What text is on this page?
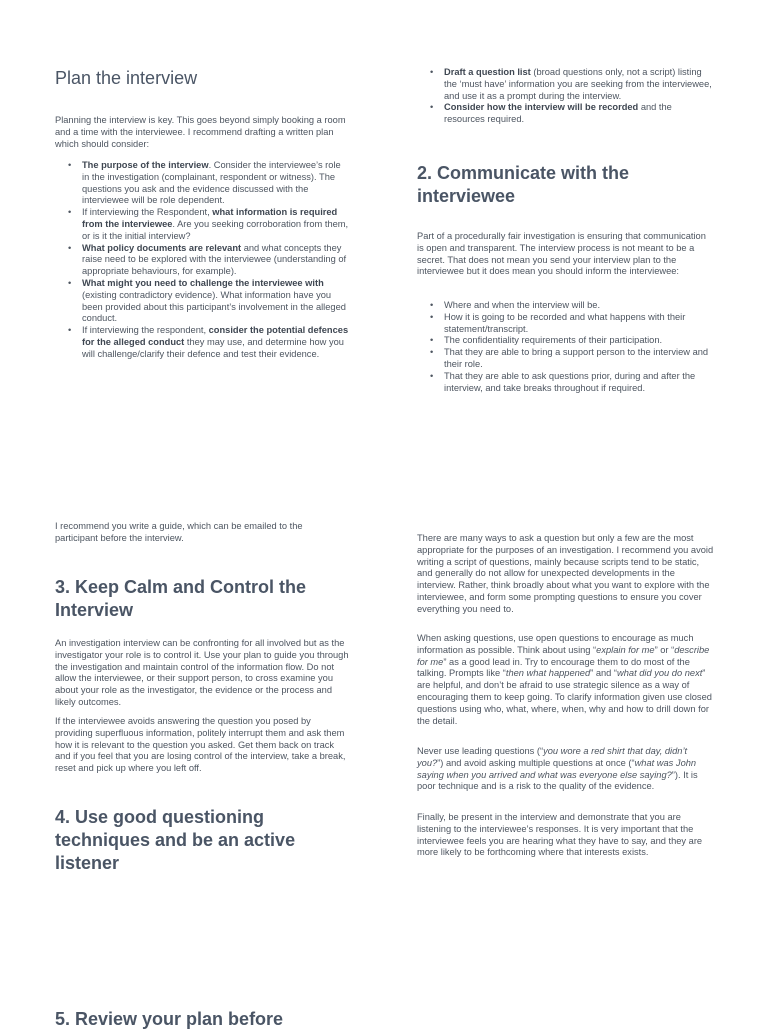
Plan the interview

Planning the interview is key. This goes beyond simply booking a room and a time with the interviewee. I recommend drafting a written plan which should consider:

• The purpose of the interview. Consider the interviewee’s role in the investigation (complainant, respondent or witness). The questions you ask and the evidence discussed with the interviewee will be role dependent.
• If interviewing the Respondent, what information is required from the interviewee. Are you seeking corroboration from them, or is it the initial interview?
• What policy documents are relevant and what concepts they raise need to be explored with the interviewee (understanding of appropriate behaviours, for example).
• What might you need to challenge the interviewee with (existing contradictory evidence). What information have you been provided about this participant’s involvement in the alleged conduct.
• If interviewing the respondent, consider the potential defences for the alleged conduct they may use, and determine how you will challenge/clarify their defence and test their evidence.

I recommend you write a guide, which can be emailed to the participant before the interview.

3. Keep Calm and Control the Interview

An investigation interview can be confronting for all involved but as the investigator your role is to control it. Use your plan to guide you through the investigation and maintain control of the information flow. Do not allow the interviewee, or their support person, to cross examine you about your role as the investigator, the evidence or the process and likely outcomes.

If the interviewee avoids answering the question you posed by providing superfluous information, politely interrupt them and ask them how it is relevant to the question you asked. Get them back on track and if you feel that you are losing control of the interview, take a break, reset and pick up where you left off.

4. Use good questioning techniques and be an active listener
5. Review your plan before
• Draft a question list (broad questions only, not a script) listing the ‘must have’ information you are seeking from the interviewee, and use it as a prompt during the interview.
• Consider how the interview will be recorded and the resources required.
2. Communicate with the interviewee

Part of a procedurally fair investigation is ensuring that communication is open and transparent. The interview process is not meant to be a secret. That does not mean you send your interview plan to the interviewee but it does mean you should inform the interviewee:

• Where and when the interview will be.
• How it is going to be recorded and what happens with their statement/transcript.
• The confidentiality requirements of their participation.
• That they are able to bring a support person to the interview and their role.
• That they are able to ask questions prior, during and after the interview, and take breaks throughout if required.

There are many ways to ask a question but only a few are the most appropriate for the purposes of an investigation. I recommend you avoid writing a script of questions, mainly because scripts tend to be static, and generally do not allow for unexpected developments in the interview. Rather, think broadly about what you want to explore with the interviewee, and form some prompting questions to ensure you cover everything you need to.

When asking questions, use open questions to encourage as much information as possible. Think about using “explain for me” or “describe for me” as a good lead in. Try to encourage them to do most of the talking. Prompts like “then what happened” and “what did you do next” are helpful, and don’t be afraid to use strategic silence as a way of encouraging them to keep going. To clarify information given use closed questions using who, what, where, when, why and how to drill down for the detail.

Never use leading questions (“you wore a red shirt that day, didn’t you?”) and avoid asking multiple questions at once (“what was John saying when you arrived and what was everyone else saying?”). It is poor technique and is a risk to the quality of the evidence.

Finally, be present in the interview and demonstrate that you are listening to the interviewee’s responses. It is very important that the interviewee feels you are hearing what they have to say, and they are more likely to be forthcoming where that interests exists.
